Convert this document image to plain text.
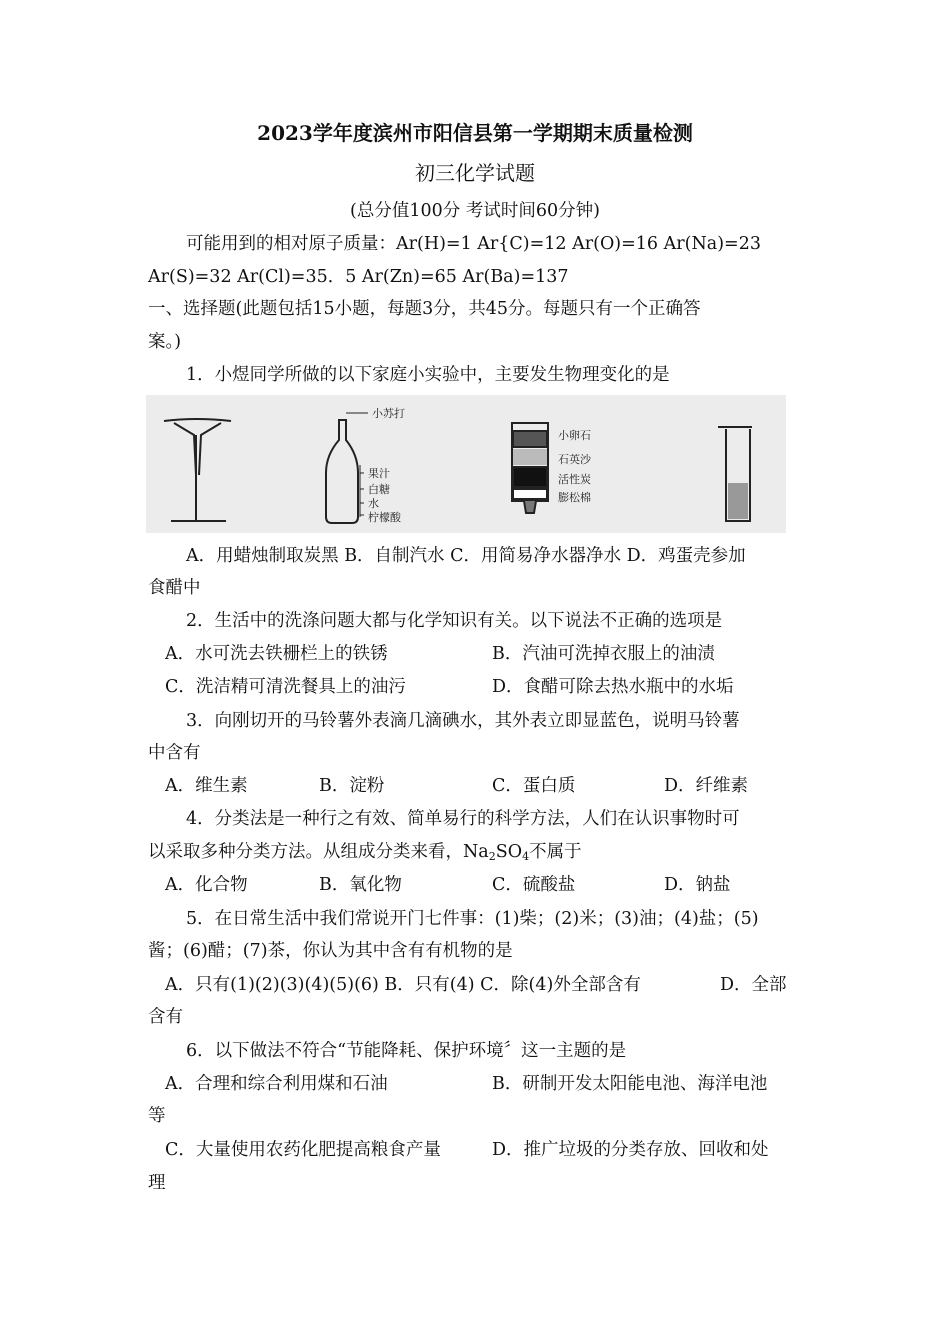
2023学年度滨州市阳信县第一学期期末质量检测

初三化学试题

(总分值100分 考试时间60分钟)

可能用到的相对原子质量：Ar(H)=1 Ar{C)=12 Ar(O)=16 Ar(Na)=23

Ar(S)=32 Ar(Cl)=35．5 Ar(Zn)=65 Ar(Ba)=137

一、选择题(此题包括15小题，每题3分，共45分。每题只有一个正确答

案。)

1．小煜同学所做的以下家庭小实验中，主要发生物理变化的是

小苏打
果汁
白糖
水
柠檬酸
小卵石
石英沙
活性炭
膨松棉

A．用蜡烛制取炭黑 B．自制汽水 C．用简易净水器净水 D．鸡蛋壳参加

食醋中

2．生活中的洗涤问题大都与化学知识有关。以下说法不正确的选项是

A．水可洗去铁栅栏上的铁锈	B．汽油可洗掉衣服上的油渍

C．洗洁精可清洗餐具上的油污	D．食醋可除去热水瓶中的水垢

3．向刚切开的马铃薯外表滴几滴碘水，其外表立即显蓝色，说明马铃薯

中含有

A．维生素	B．淀粉	C．蛋白质	D．纤维素

4．分类法是一种行之有效、简单易行的科学方法，人们在认识事物时可

以采取多种分类方法。从组成分类来看，$Na_2SO_4$不属于

A．化合物	B．氧化物	C．硫酸盐	D．钠盐

5．在日常生活中我们常说开门七件事：(1)柴；(2)米；(3)油；(4)盐；(5)

酱；(6)醋；(7)茶，你认为其中含有有机物的是

A．只有(1)(2)(3)(4)(5)(6) B．只有(4) C．除(4)外全部含有	D．全部

含有

6．以下做法不符合“节能降耗、保护环境〞这一主题的是

A．合理和综合利用煤和石油	B．研制开发太阳能电池、海洋电池

等

C．大量使用农药化肥提高粮食产量	D．推广垃圾的分类存放、回收和处

理
